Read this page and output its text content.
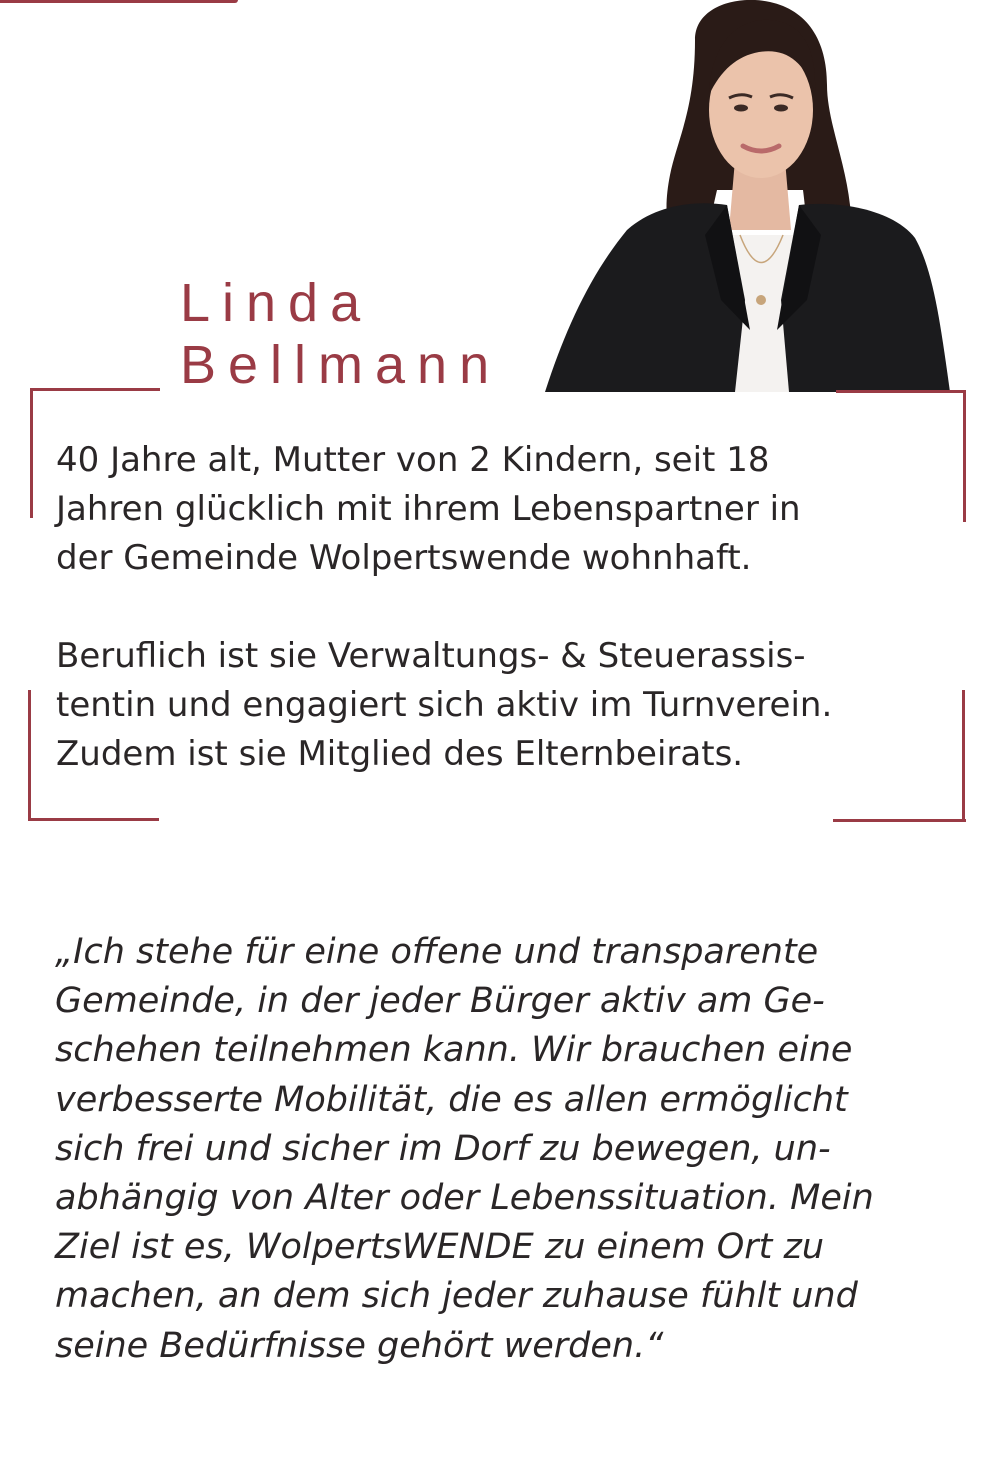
Linda
Bellmann

40 Jahre alt, Mutter von 2 Kindern, seit 18
Jahren glücklich mit ihrem Lebenspartner in
der Gemeinde Wolpertswende wohnhaft.

Beruflich ist sie Verwaltungs- & Steuerassis-
tentin und engagiert sich aktiv im Turnverein.
Zudem ist sie Mitglied des Elternbeirats.

„Ich stehe für eine offene und transparente
Gemeinde, in der jeder Bürger aktiv am Ge-
schehen teilnehmen kann. Wir brauchen eine
verbesserte Mobilität, die es allen ermöglicht
sich frei und sicher im Dorf zu bewegen, un-
abhängig von Alter oder Lebenssituation. Mein
Ziel ist es, WolpertsWENDE zu einem Ort zu
machen, an dem sich jeder zuhause fühlt und
seine Bedürfnisse gehört werden.“
